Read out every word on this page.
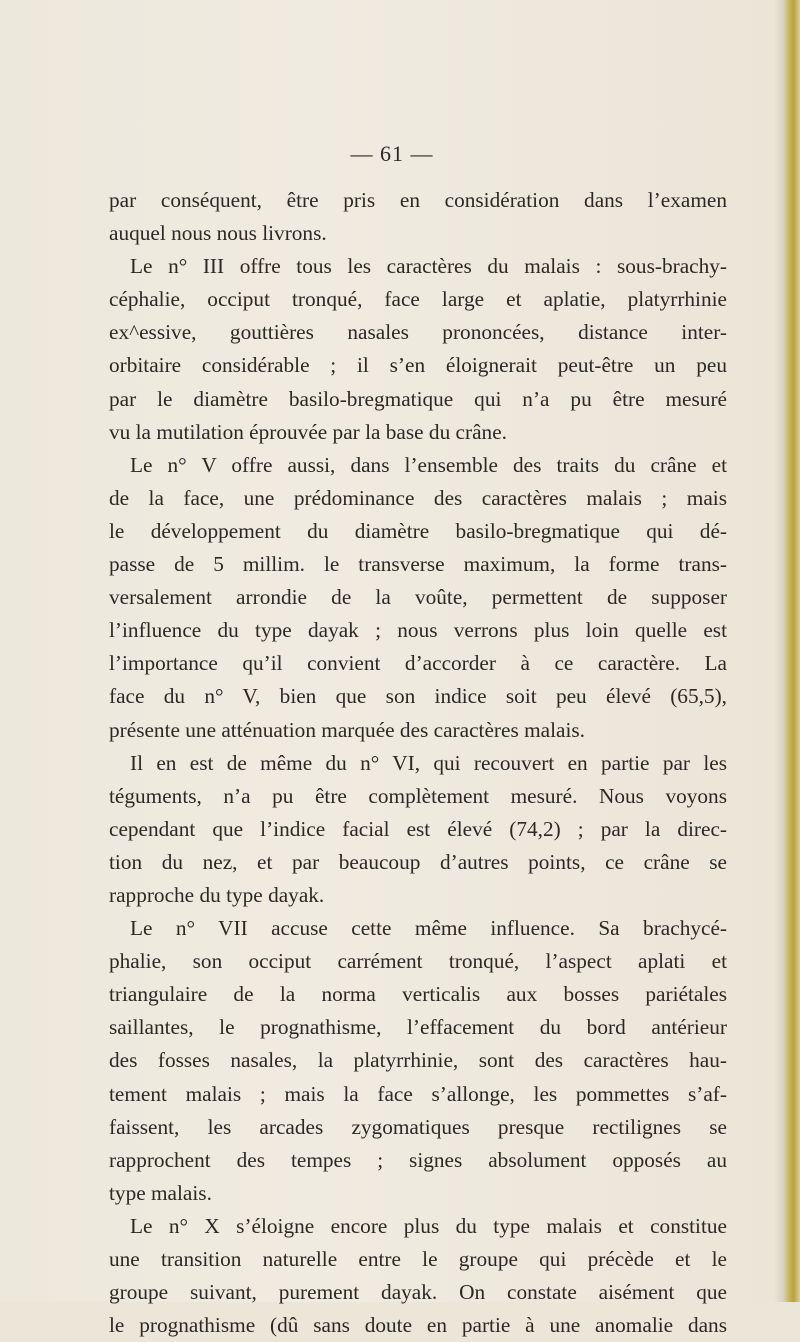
— 61 —
par conséquent, être pris en considération dans l’examen
auquel nous nous livrons.
Le n° III offre tous les caractères du malais : sous-brachy-
céphalie, occiput tronqué, face large et aplatie, platyrrhinie
ex^essive, gouttières nasales prononcées, distance inter-
orbitaire considérable ; il s’en éloignerait peut-être un peu
par le diamètre basilo-bregmatique qui n’a pu être mesuré
vu la mutilation éprouvée par la base du crâne.
Le n° V offre aussi, dans l’ensemble des traits du crâne et
de la face, une prédominance des caractères malais ; mais
le développement du diamètre basilo-bregmatique qui dé-
passe de 5 millim. le transverse maximum, la forme trans-
versalement arrondie de la voûte, permettent de supposer
l’influence du type dayak ; nous verrons plus loin quelle est
l’importance qu’il convient d’accorder à ce caractère. La
face du n° V, bien que son indice soit peu élevé (65,5),
présente une atténuation marquée des caractères malais.
Il en est de même du n° VI, qui recouvert en partie par les
téguments, n’a pu être complètement mesuré. Nous voyons
cependant que l’indice facial est élevé (74,2) ; par la direc-
tion du nez, et par beaucoup d’autres points, ce crâne se
rapproche du type dayak.
Le n° VII accuse cette même influence. Sa brachycé-
phalie, son occiput carrément tronqué, l’aspect aplati et
triangulaire de la norma verticalis aux bosses pariétales
saillantes, le prognathisme, l’effacement du bord antérieur
des fosses nasales, la platyrrhinie, sont des caractères hau-
tement malais ; mais la face s’allonge, les pommettes s’af-
faissent, les arcades zygomatiques presque rectilignes se
rapprochent des tempes ; signes absolument opposés au
type malais.
Le n° X s’éloigne encore plus du type malais et constitue
une transition naturelle entre le groupe qui précède et le
groupe suivant, purement dayak. On constate aisément que
le prognathisme (dû sans doute en partie à une anomalie dans
